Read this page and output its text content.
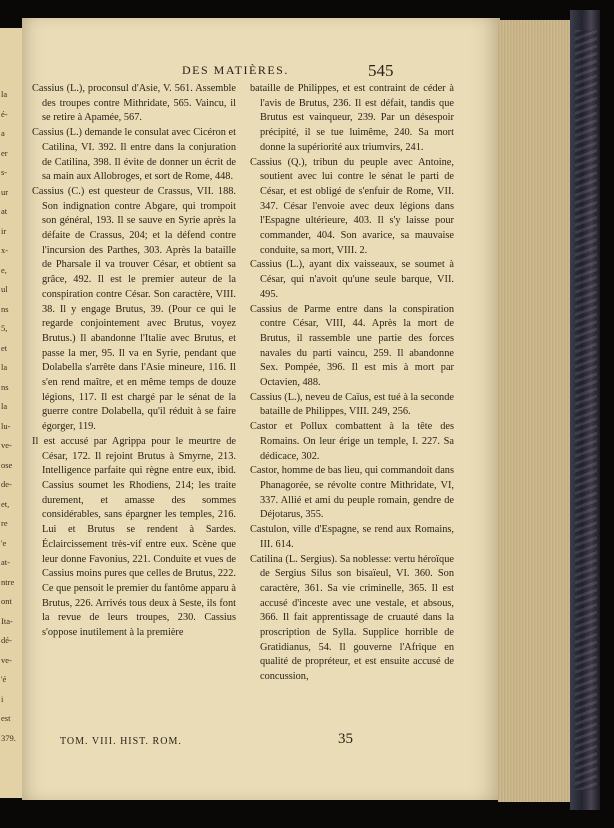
la
é-
a
er
s-
ur
at
ir
x-
e,
ul
ns
5,
et
la
ns
la
lu-
ve-
ose
de-
et,
re
'e
at-
ntre
ont
Ita-
dé-
ve-
'é
i
est
379.
DES MATIÈRES.	545

Cassius (L.), proconsul d'Asie, V. 561. Assemble des troupes contre Mithridate, 565. Vaincu, il se retire à Apamée, 567.

Cassius (L.) demande le consulat avec Cicéron et Catilina, VI. 392. Il entre dans la conjuration de Catilina, 398. Il évite de donner un écrit de sa main aux Allobroges, et sort de Rome, 448.

Cassius (C.) est questeur de Crassus, VII. 188. Son indignation contre Abgare, qui trompoit son général, 193. Il se sauve en Syrie après la défaite de Crassus, 204; et la défend contre l'incursion des Parthes, 303. Après la bataille de Pharsale il va trouver César, et obtient sa grâce, 492. Il est le premier auteur de la conspiration contre César. Son caractère, VIII. 38. Il y engage Brutus, 39. (Pour ce qui le regarde conjointement avec Brutus, voyez Brutus.) Il abandonne l'Italie avec Brutus, et passe la mer, 95. Il va en Syrie, pendant que Dolabella s'arrête dans l'Asie mineure, 116. Il s'en rend maître, et en même temps de douze légions, 117. Il est chargé par le sénat de la guerre contre Dolabella, qu'il réduit à se faire égorger, 119.

Il est accusé par Agrippa pour le meurtre de César, 172. Il rejoint Brutus à Smyrne, 213. Intelligence parfaite qui règne entre eux, ibid. Cassius soumet les Rhodiens, 214; les traite durement, et amasse des sommes considérables, sans épargner les temples, 216. Lui et Brutus se rendent à Sardes. Éclaircissement très-vif entre eux. Scène que leur donne Favonius, 221. Conduite et vues de Cassius moins pures que celles de Brutus, 222. Ce que pensoit le premier du fantôme apparu à Brutus, 226. Arrivés tous deux à Seste, ils font la revue de leurs troupes, 230. Cassius s'oppose inutilement à la première

bataille de Philippes, et est contraint de céder à l'avis de Brutus, 236. Il est défait, tandis que Brutus est vainqueur, 239. Par un désespoir précipité, il se tue luimême, 240. Sa mort donne la supériorité aux triumvirs, 241.

Cassius (Q.), tribun du peuple avec Antoine, soutient avec lui contre le sénat le parti de César, et est obligé de s'enfuir de Rome, VII. 347. César l'envoie avec deux légions dans l'Espagne ultérieure, 403. Il s'y laisse pour commander, 404. Son avarice, sa mauvaise conduite, sa mort, VIII. 2.

Cassius (L.), ayant dix vaisseaux, se soumet à César, qui n'avoit qu'une seule barque, VII. 495.

Cassius de Parme entre dans la conspiration contre César, VIII, 44. Après la mort de Brutus, il rassemble une partie des forces navales du parti vaincu, 259. Il abandonne Sex. Pompée, 396. Il est mis à mort par Octavien, 488.

Cassius (L.), neveu de Caïus, est tué à la seconde bataille de Philippes, VIII. 249, 256.

Castor et Pollux combattent à la tête des Romains. On leur érige un temple, I. 227. Sa dédicace, 302.

Castor, homme de bas lieu, qui commandoit dans Phanagorée, se révolte contre Mithridate, VI, 337. Allié et ami du peuple romain, gendre de Déjotarus, 355.

Castulon, ville d'Espagne, se rend aux Romains, III. 614.

Catilina (L. Sergius). Sa noblesse: vertu héroïque de Sergius Silus son bisaïeul, VI. 360. Son caractère, 361. Sa vie criminelle, 365. Il est accusé d'inceste avec une vestale, et absous, 366. Il fait apprentissage de cruauté dans la proscription de Sylla. Supplice horrible de Gratidianus, 54. Il gouverne l'Afrique en qualité de propréteur, et est ensuite accusé de concussion,

TOM. VIII. HIST. ROM.	35
